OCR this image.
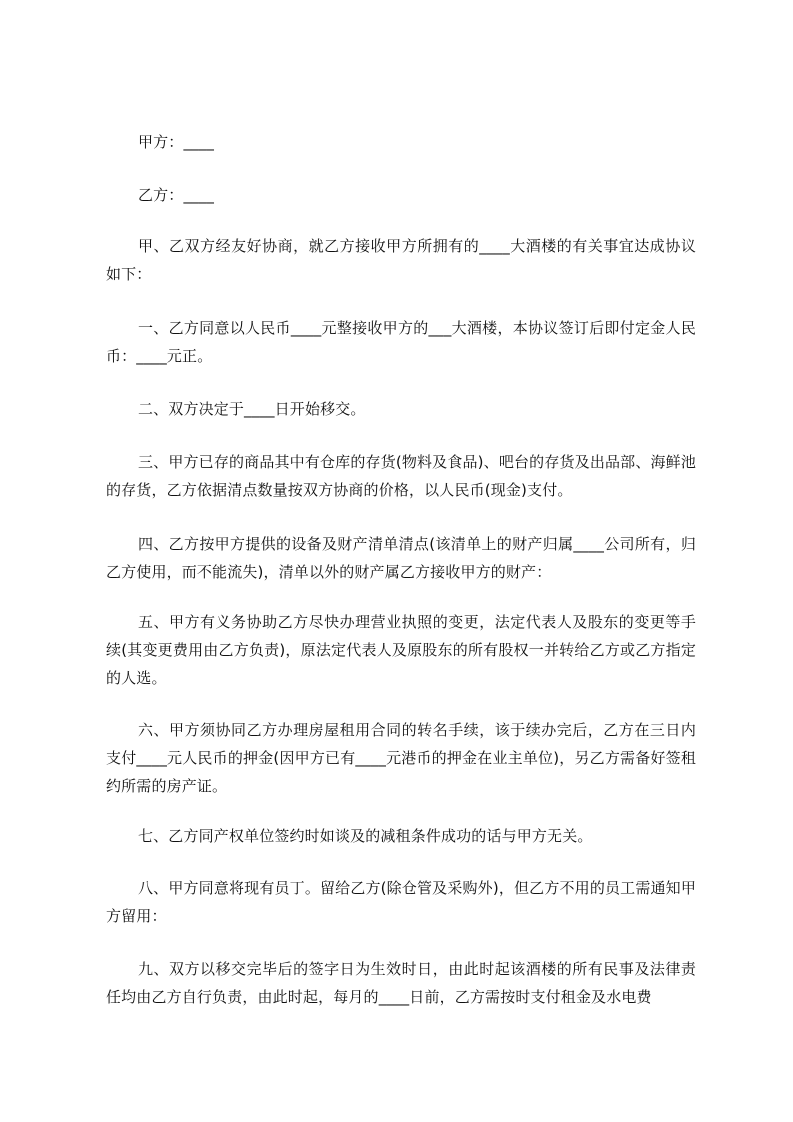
甲方：____

乙方：____

甲、乙双方经友好协商，就乙方接收甲方所拥有的____大酒楼的有关事宜达成协议如下：

一、乙方同意以人民币____元整接收甲方的___大酒楼，本协议签订后即付定金人民币：____元正。

二、双方决定于____日开始移交。

三、甲方已存的商品其中有仓库的存货(物料及食品)、吧台的存货及出品部、海鲜池的存货，乙方依据清点数量按双方协商的价格，以人民币(现金)支付。

四、乙方按甲方提供的设备及财产清单清点(该清单上的财产归属____公司所有，归乙方使用，而不能流失)，清单以外的财产属乙方接收甲方的财产：

五、甲方有义务协助乙方尽快办理营业执照的变更，法定代表人及股东的变更等手续(其变更费用由乙方负责)，原法定代表人及原股东的所有股权一并转给乙方或乙方指定的人选。

六、甲方须协同乙方办理房屋租用合同的转名手续，该于续办完后，乙方在三日内支付____元人民币的押金(因甲方已有____元港币的押金在业主单位)，另乙方需备好签租约所需的房产证。

七、乙方同产权单位签约时如谈及的减租条件成功的话与甲方无关。

八、甲方同意将现有员丁。留给乙方(除仓管及采购外)，但乙方不用的员工需通知甲方留用：

九、双方以移交完毕后的签字日为生效时日，由此时起该酒楼的所有民事及法律责任均由乙方自行负责，由此时起，每月的____日前，乙方需按时支付租金及水电费
